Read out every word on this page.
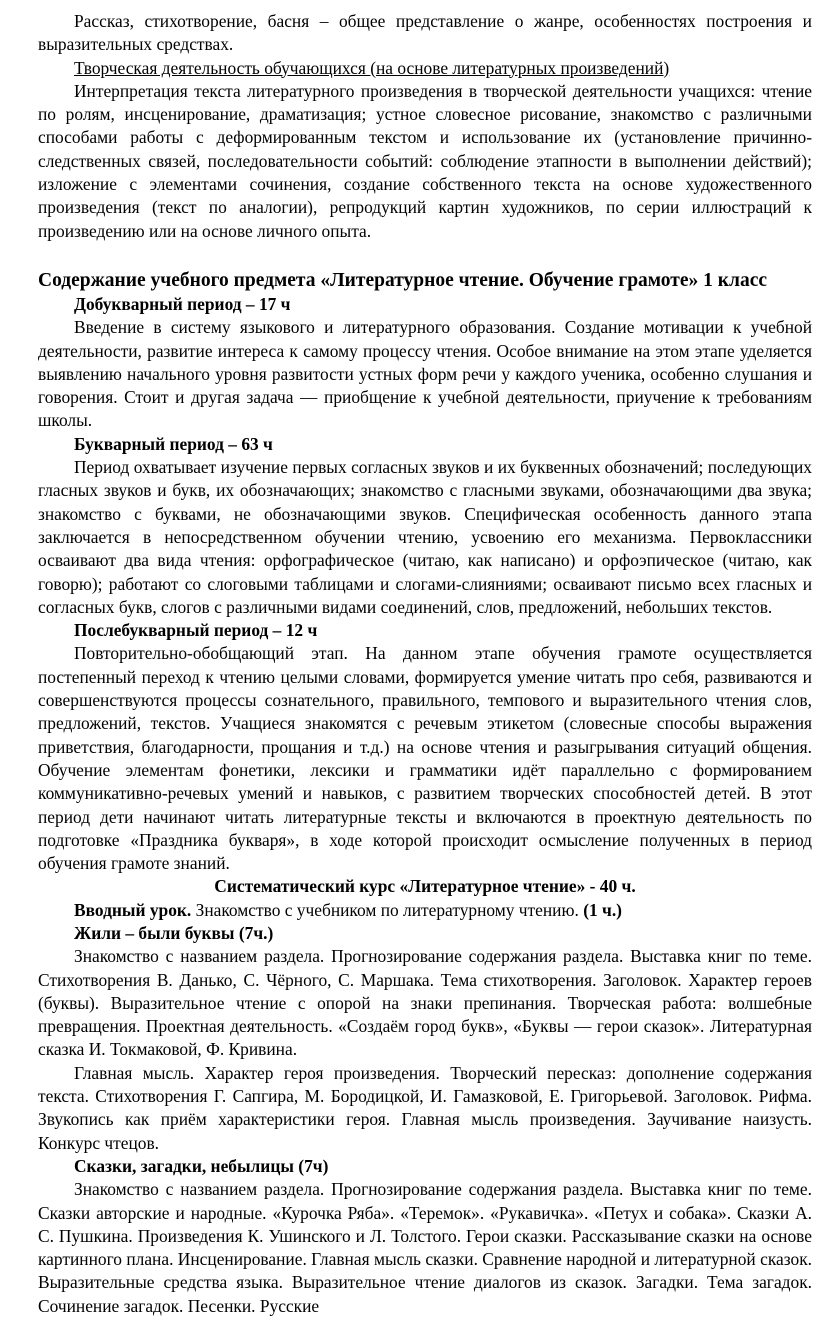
Рассказ, стихотворение, басня – общее представление о жанре, особенностях построения и выразительных средствах.

Творческая деятельность обучающихся (на основе литературных произведений)

Интерпретация текста литературного произведения в творческой деятельности учащихся: чтение по ролям, инсценирование, драматизация; устное словесное рисование, знакомство с различными способами работы с деформированным текстом и использование их (установление причинно- следственных связей, последовательности событий: соблюдение этапности в выполнении действий); изложение с элементами сочинения, создание собственного текста на основе художественного произведения (текст по аналогии), репродукций картин художников, по серии иллюстраций к произведению или на основе личного опыта.

Содержание учебного предмета «Литературное чтение. Обучение грамоте» 1 класс

Добукварный период – 17 ч

Введение в систему языкового и литературного образования. Создание мотивации к учебной деятельности, развитие интереса к самому процессу чтения. Особое внимание на этом этапе уделяется выявлению начального уровня развитости устных форм речи у каждого ученика, особенно слушания и говорения. Стоит и другая задача — приобщение к учебной деятельности, приучение к требованиям школы.

Букварный период – 63 ч

Период охватывает изучение первых согласных звуков и их буквенных обозначений; последующих гласных звуков и букв, их обозначающих; знакомство с гласными звуками, обозначающими два звука; знакомство с буквами, не обозначающими звуков. Специфическая особенность данного этапа заключается в непосредственном обучении чтению, усвоению его механизма. Первоклассники осваивают два вида чтения: орфографическое (читаю, как написано) и орфоэпическое (читаю, как говорю); работают со слоговыми таблицами и слогами-слияниями; осваивают письмо всех гласных и согласных букв, слогов с различными видами соединений, слов, предложений, небольших текстов.

Послебукварный период – 12 ч

Повторительно-обобщающий этап. На данном этапе обучения грамоте осуществляется постепенный переход к чтению целыми словами, формируется умение читать про себя, развиваются и совершенствуются процессы сознательного, правильного, темпового и выразительного чтения слов, предложений, текстов. Учащиеся знакомятся с речевым этикетом (словесные способы выражения приветствия, благодарности, прощания и т.д.) на основе чтения и разыгрывания ситуаций общения. Обучение элементам фонетики, лексики и грамматики идёт параллельно с формированием коммуникативно-речевых умений и навыков, с развитием творческих способностей детей. В этот период дети начинают читать литературные тексты и включаются в проектную деятельность по подготовке «Праздника букваря», в ходе которой происходит осмысление полученных в период обучения грамоте знаний.

Систематический курс «Литературное чтение» - 40 ч.

Вводный урок. Знакомство с учебником по литературному чтению. (1 ч.)

Жили – были буквы (7ч.)

Знакомство с названием раздела. Прогнозирование содержания раздела. Выставка книг по теме. Стихотворения В. Данько, С. Чёрного, С. Маршака. Тема стихотворения. Заголовок. Характер героев (буквы). Выразительное чтение с опорой на знаки препинания. Творческая работа: волшебные превращения. Проектная деятельность. «Создаём город букв», «Буквы — герои сказок». Литературная сказка И. Токмаковой, Ф. Кривина.

Главная мысль. Характер героя произведения. Творческий пересказ: дополнение содержания текста. Стихотворения Г. Сапгира, М. Бородицкой, И. Гамазковой, Е. Григорьевой. Заголовок. Рифма. Звукопись как приём характеристики героя. Главная мысль произведения. Заучивание наизусть. Конкурс чтецов.

Сказки, загадки, небылицы (7ч)

Знакомство с названием раздела. Прогнозирование содержания раздела. Выставка книг по теме. Сказки авторские и народные. «Курочка Ряба». «Теремок». «Рукавичка». «Петух и собака». Сказки А. С. Пушкина. Произведения К. Ушинского и Л. Толстого. Герои сказки. Рассказывание сказки на основе картинного плана. Инсценирование. Главная мысль сказки. Сравнение народной и литературной сказок. Выразительные средства языка. Выразительное чтение диалогов из сказок. Загадки. Тема загадок. Сочинение загадок. Песенки. Русские
